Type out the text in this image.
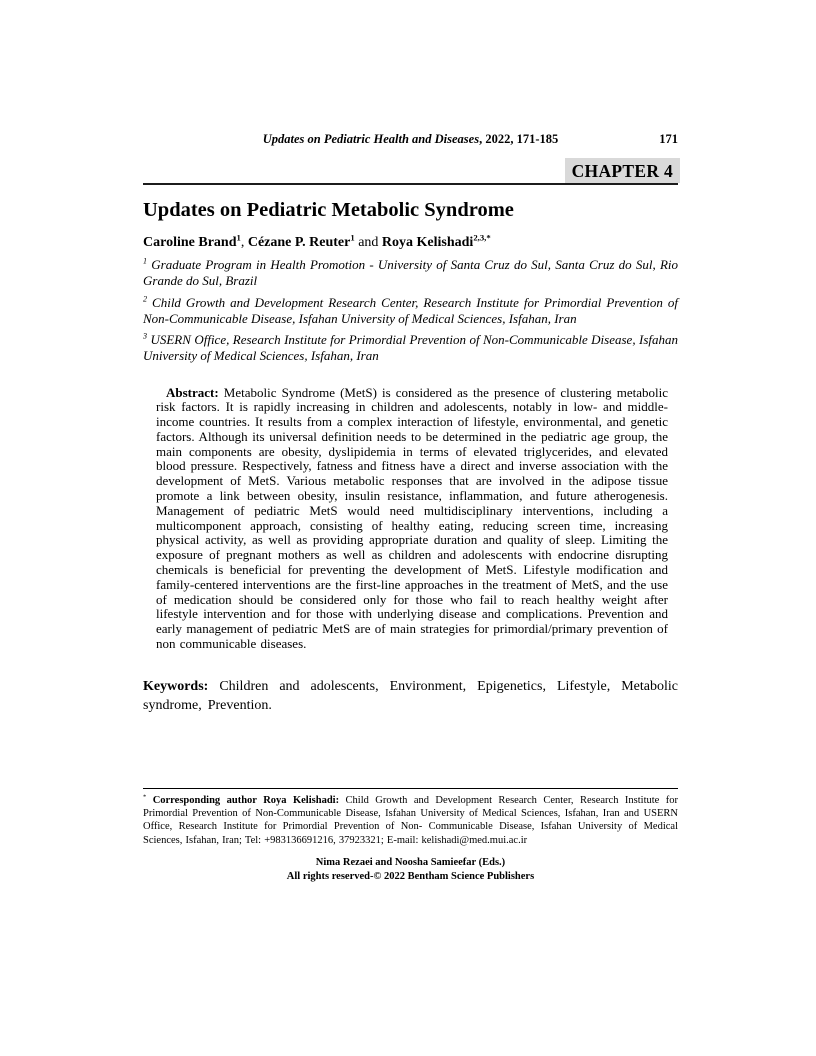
Updates on Pediatric Health and Diseases, 2022, 171-185	171
CHAPTER 4
Updates on Pediatric Metabolic Syndrome

Caroline Brand$^1$, Cézane P. Reuter$^1$ and Roya Kelishadi$^{2,3,*}$

$^1$ Graduate Program in Health Promotion - University of Santa Cruz do Sul, Santa Cruz do Sul, Rio Grande do Sul, Brazil

$^2$ Child Growth and Development Research Center, Research Institute for Primordial Prevention of Non-Communicable Disease, Isfahan University of Medical Sciences, Isfahan, Iran

$^3$ USERN Office, Research Institute for Primordial Prevention of Non-Communicable Disease, Isfahan University of Medical Sciences, Isfahan, Iran

Abstract: Metabolic Syndrome (MetS) is considered as the presence of clustering metabolic risk factors. It is rapidly increasing in children and adolescents, notably in low- and middle-income countries. It results from a complex interaction of lifestyle, environmental, and genetic factors. Although its universal definition needs to be determined in the pediatric age group, the main components are obesity, dyslipidemia in terms of elevated triglycerides, and elevated blood pressure. Respectively, fatness and fitness have a direct and inverse association with the development of MetS. Various metabolic responses that are involved in the adipose tissue promote a link between obesity, insulin resistance, inflammation, and future atherogenesis. Management of pediatric MetS would need multidisciplinary interventions, including a multicomponent approach, consisting of healthy eating, reducing screen time, increasing physical activity, as well as providing appropriate duration and quality of sleep. Limiting the exposure of pregnant mothers as well as children and adolescents with endocrine disrupting chemicals is beneficial for preventing the development of MetS. Lifestyle modification and family-centered interventions are the first-line approaches in the treatment of MetS, and the use of medication should be considered only for those who fail to reach healthy weight after lifestyle intervention and for those with underlying disease and complications. Prevention and early management of pediatric MetS are of main strategies for primordial/primary prevention of non communicable diseases.

Keywords: Children and adolescents, Environment, Epigenetics, Lifestyle, Metabolic syndrome, Prevention.

* Corresponding author Roya Kelishadi: Child Growth and Development Research Center, Research Institute for Primordial Prevention of Non-Communicable Disease, Isfahan University of Medical Sciences, Isfahan, Iran and USERN Office, Research Institute for Primordial Prevention of Non- Communicable Disease, Isfahan University of Medical Sciences, Isfahan, Iran; Tel: +983136691216, 37923321; E-mail: kelishadi@med.mui.ac.ir

Nima Rezaei and Noosha Samieefar (Eds.)

All rights reserved-© 2022 Bentham Science Publishers
